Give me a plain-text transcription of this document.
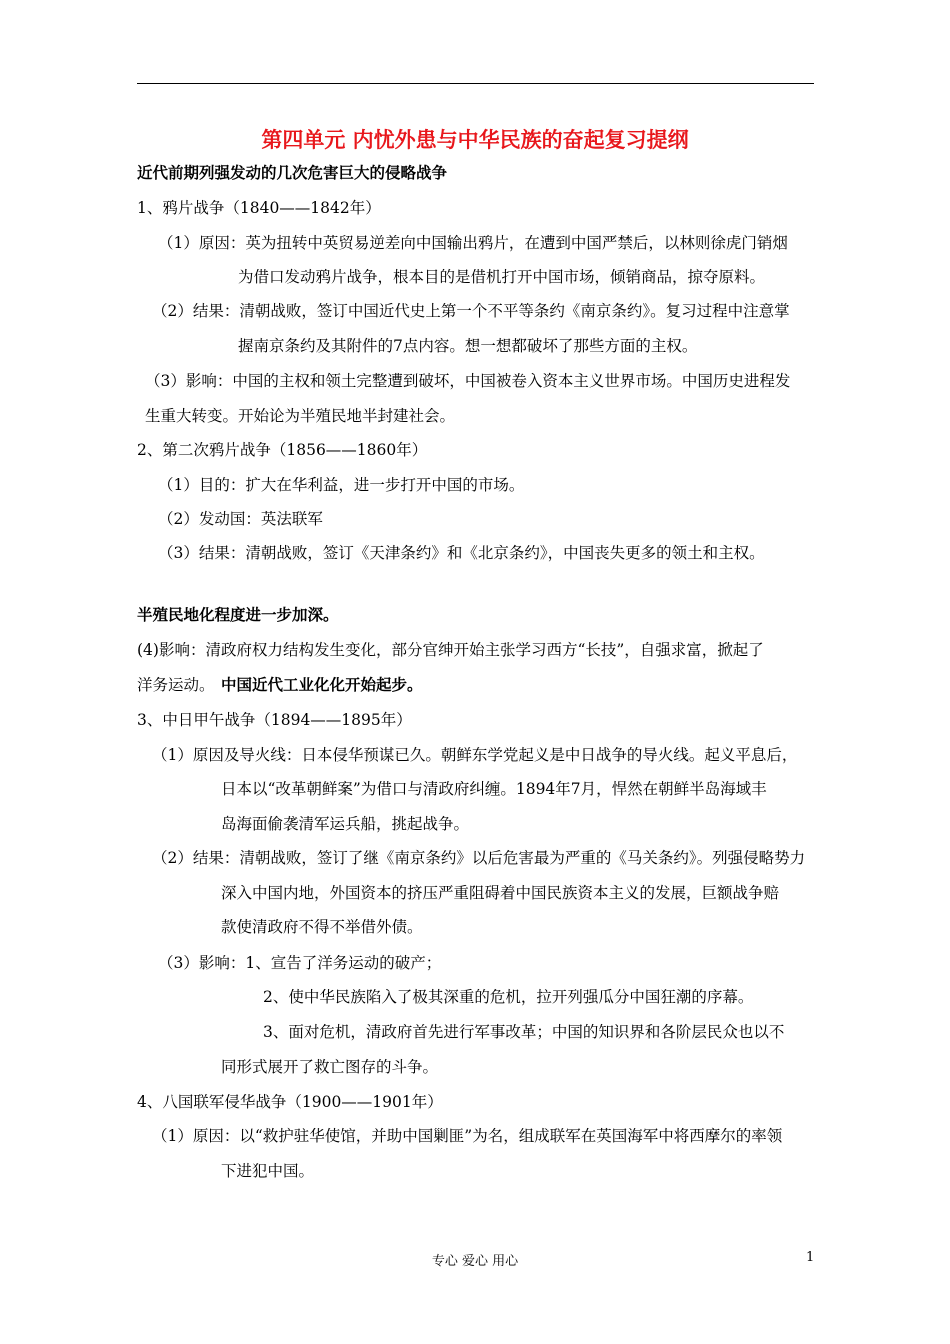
第四单元 内忧外患与中华民族的奋起复习提纲
近代前期列强发动的几次危害巨大的侵略战争
1、鸦片战争（1840——1842年）
（1）原因：英为扭转中英贸易逆差向中国输出鸦片，在遭到中国严禁后，以林则徐虎门销烟
为借口发动鸦片战争，根本目的是借机打开中国市场，倾销商品，掠夺原料。
（2）结果：清朝战败，签订中国近代史上第一个不平等条约《南京条约》。复习过程中注意掌
握南京条约及其附件的7点内容。想一想都破坏了那些方面的主权。
（3）影响：中国的主权和领土完整遭到破坏，中国被卷入资本主义世界市场。中国历史进程发
生重大转变。开始论为半殖民地半封建社会。
2、第二次鸦片战争（1856——1860年）
（1）目的：扩大在华利益，进一步打开中国的市场。
（2）发动国：英法联军
（3）结果：清朝战败，签订《天津条约》和《北京条约》，中国丧失更多的领土和主权。
半殖民地化程度进一步加深。
(4)影响：清政府权力结构发生变化，部分官绅开始主张学习西方“长技”，自强求富，掀起了
洋务运动。 中国近代工业化化开始起步。
3、中日甲午战争（1894——1895年）
（1）原因及导火线：日本侵华预谋已久。朝鲜东学党起义是中日战争的导火线。起义平息后，
日本以“改革朝鲜案”为借口与清政府纠缠。1894年7月，悍然在朝鲜半岛海域丰
岛海面偷袭清军运兵船，挑起战争。
（2）结果：清朝战败，签订了继《南京条约》以后危害最为严重的《马关条约》。列强侵略势力
深入中国内地，外国资本的挤压严重阻碍着中国民族资本主义的发展，巨额战争赔
款使清政府不得不举借外债。
（3）影响：1、宣告了洋务运动的破产；
2、使中华民族陷入了极其深重的危机，拉开列强瓜分中国狂潮的序幕。
3、面对危机，清政府首先进行军事改革；中国的知识界和各阶层民众也以不
同形式展开了救亡图存的斗争。
4、八国联军侵华战争（1900——1901年）
（1）原因：以“救护驻华使馆，并助中国剿匪”为名，组成联军在英国海军中将西摩尔的率领
下进犯中国。
专心 爱心 用心	1
